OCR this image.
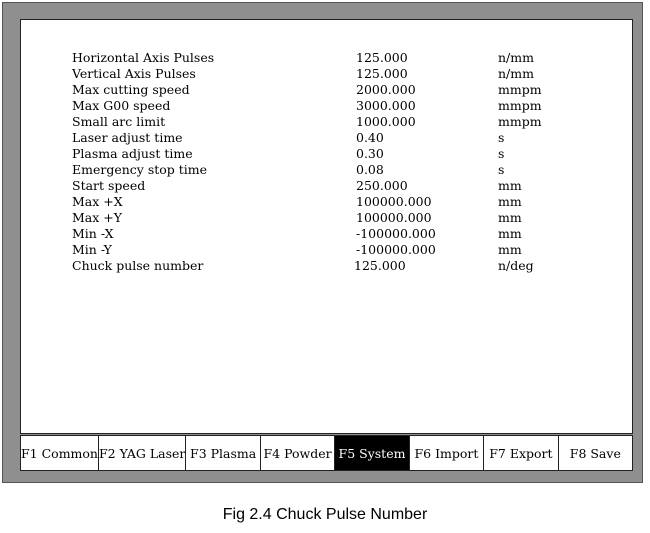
Horizontal Axis Pulses	125.000	n/mm
Vertical Axis Pulses	125.000	n/mm
Max cutting speed	2000.000	mmpm
Max G00 speed	3000.000	mmpm
Small arc limit	1000.000	mmpm
Laser adjust time	0.40	s
Plasma adjust time	0.30	s
Emergency stop time	0.08	s
Start speed	250.000	mm
Max +X	100000.000	mm
Max +Y	100000.000	mm
Min -X	-100000.000	mm
Min -Y	-100000.000	mm
Chuck pulse number	125.000	n/deg
F1 Common F2 YAG Laser F3 Plasma F4 Powder F5 System F6 Import F7 Export	F8 Save
Fig 2.4 Chuck Pulse Number
